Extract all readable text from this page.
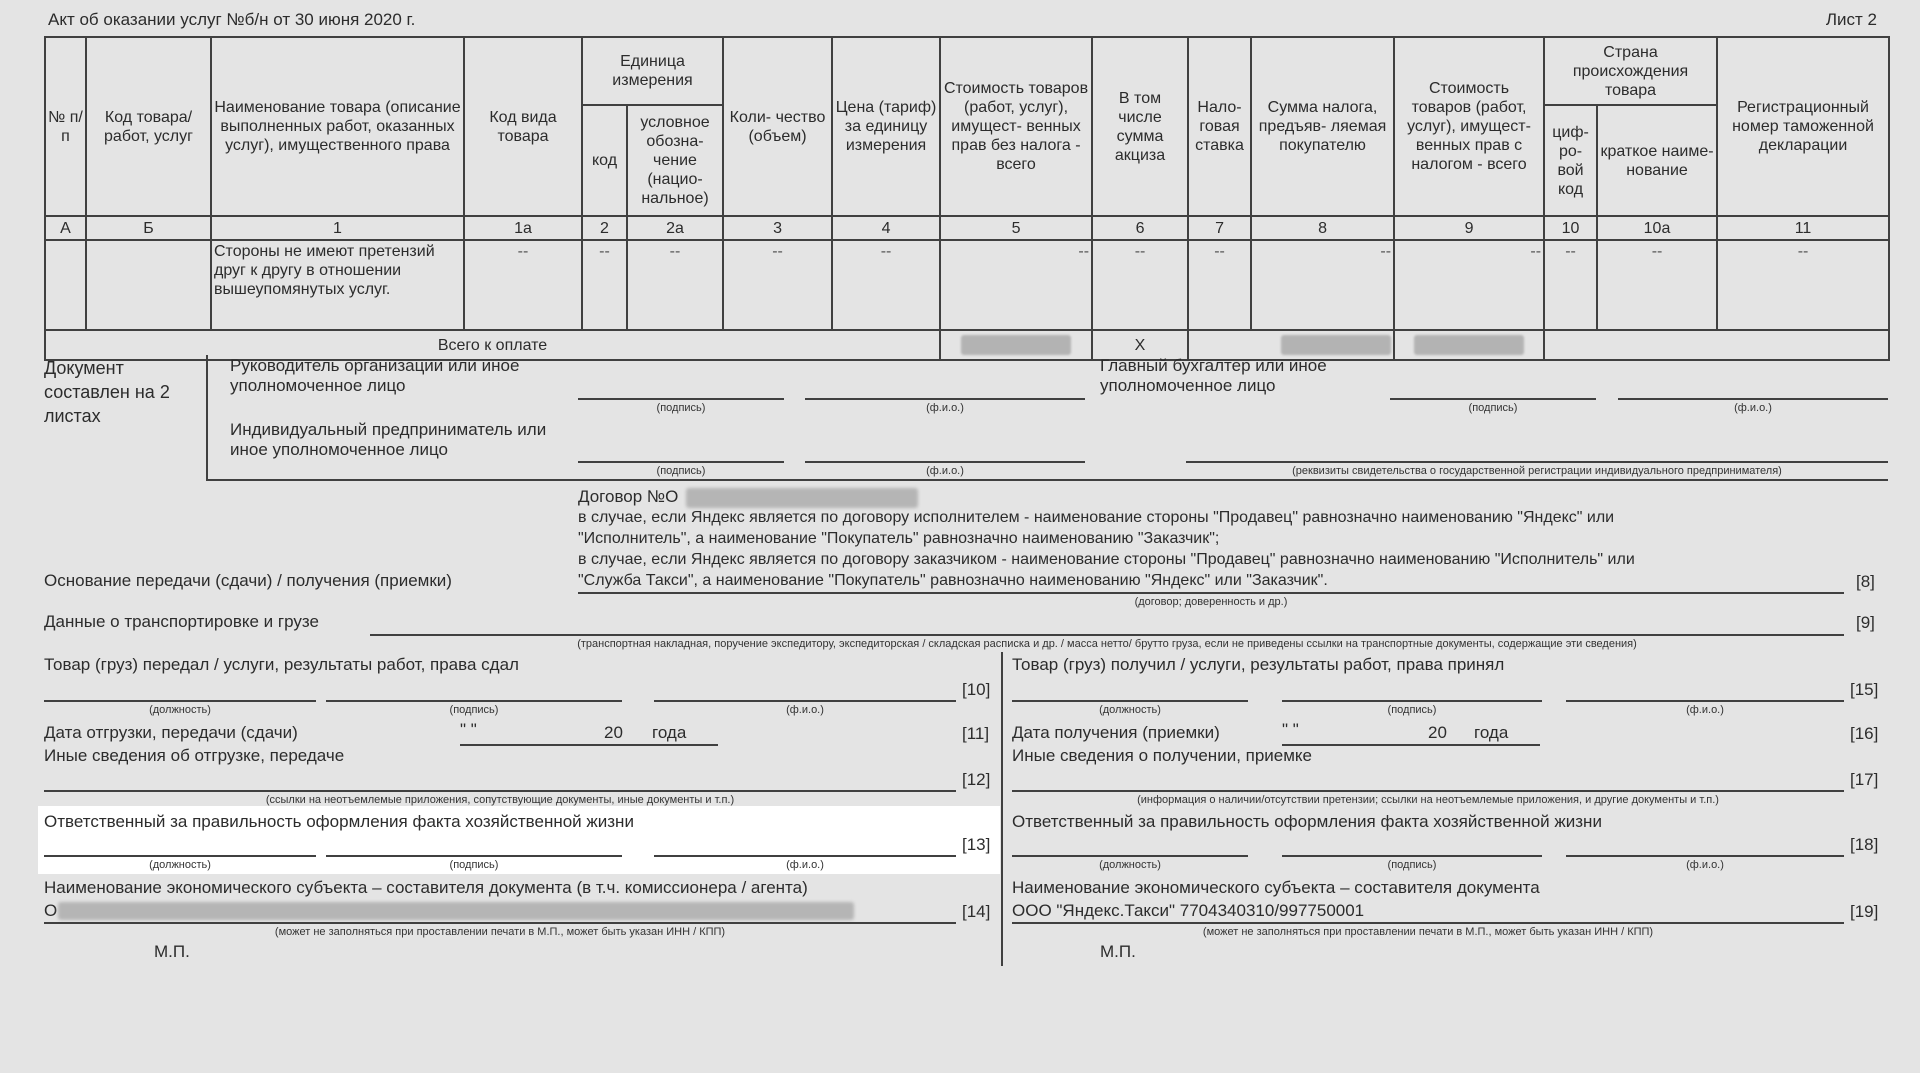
Акт об оказании услуг №б/н от 30 июня 2020 г.	Лист 2
№ п/п	Код товара/ работ, услуг	Наименование товара (описание выполненных работ, оказанных услуг), имущественного права	Код вида товара	Единица измерения		Коли- чество (объем)	Цена (тариф) за единицу измерения	Стоимость товаров (работ, услуг), имущест- венных прав без налога - всего	В том числе сумма акциза	Нало- говая ставка	Сумма налога, предъяв- ляемая покупателю	Стоимость товаров (работ, услуг), имущест- венных прав с налогом - всего	Страна происхождения товара		Регистрационный номер таможенной декларации
				код	условное обозна- чение (нацио- нальное)								циф- ро- вой код	краткое наиме- нование	
А	Б	1	1а	2	2а	3	4	5	6	7	8	9	10	10а	11
		Стороны не имеют претензий друг к другу в отношении вышеупомянутых услуг.	--	--	--	--	--	--	--	--	--	--	--	--	--
Всего к оплате									X						
Документ составлен на 2 листах
Руководитель организации или иное уполномоченное лицо
(подпись)	(ф.и.о.)
Главный бухгалтер или иное уполномоченное лицо
(подпись)	(ф.и.о.)
Индивидуальный предприниматель или иное уполномоченное лицо
(подпись)	(ф.и.о.)	(реквизиты свидетельства о государственной регистрации индивидуального предпринимателя)
Договор №О
в случае, если Яндекс является по договору исполнителем - наименование стороны "Продавец" равнозначно наименованию "Яндекс" или
"Исполнитель", а наименование "Покупатель" равнозначно наименованию "Заказчик";
в случае, если Яндекс является по договору заказчиком - наименование стороны "Продавец" равнозначно наименованию "Исполнитель" или
"Служба Такси", а наименование "Покупатель" равнозначно наименованию "Яндекс" или "Заказчик".
Основание передачи (сдачи) / получения (приемки)
(договор; доверенность и др.)
[8]
Данные о транспортировке и грузе
(транспортная накладная, поручение экспедитору, экспедиторская / складская расписка и др. / масса нетто/ брутто груза, если не приведены ссылки на транспортные документы, содержащие эти сведения)
[9]
Товар (груз) передал / услуги, результаты работ, права сдал
(должность)	(подпись)	(ф.и.о.)
[10]
Дата отгрузки, передачи (сдачи)	" "	20 года	[11]
Иные сведения об отгрузке, передаче
(ссылки на неотъемлемые приложения, сопутствующие документы, иные документы и т.п.)
[12]
Ответственный за правильность оформления факта хозяйственной жизни
(должность)	(подпись)	(ф.и.о.)
[13]
Наименование экономического субъекта – составителя документа (в т.ч. комиссионера / агента)
О
(может не заполняться при проставлении печати в М.П., может быть указан ИНН / КПП)
[14]
М.П.
Товар (груз) получил / услуги, результаты работ, права принял
(должность)	(подпись)	(ф.и.о.)
[15]
Дата получения (приемки)	" "	20 года	[16]
Иные сведения о получении, приемке
(информация о наличии/отсутствии претензии; ссылки на неотъемлемые приложения, и другие документы и т.п.)
[17]
Ответственный за правильность оформления факта хозяйственной жизни
(должность)	(подпись)	(ф.и.о.)
[18]
Наименование экономического субъекта – составителя документа
ООО "Яндекс.Такси" 7704340310/997750001
(может не заполняться при проставлении печати в М.П., может быть указан ИНН / КПП)
[19]
М.П.
